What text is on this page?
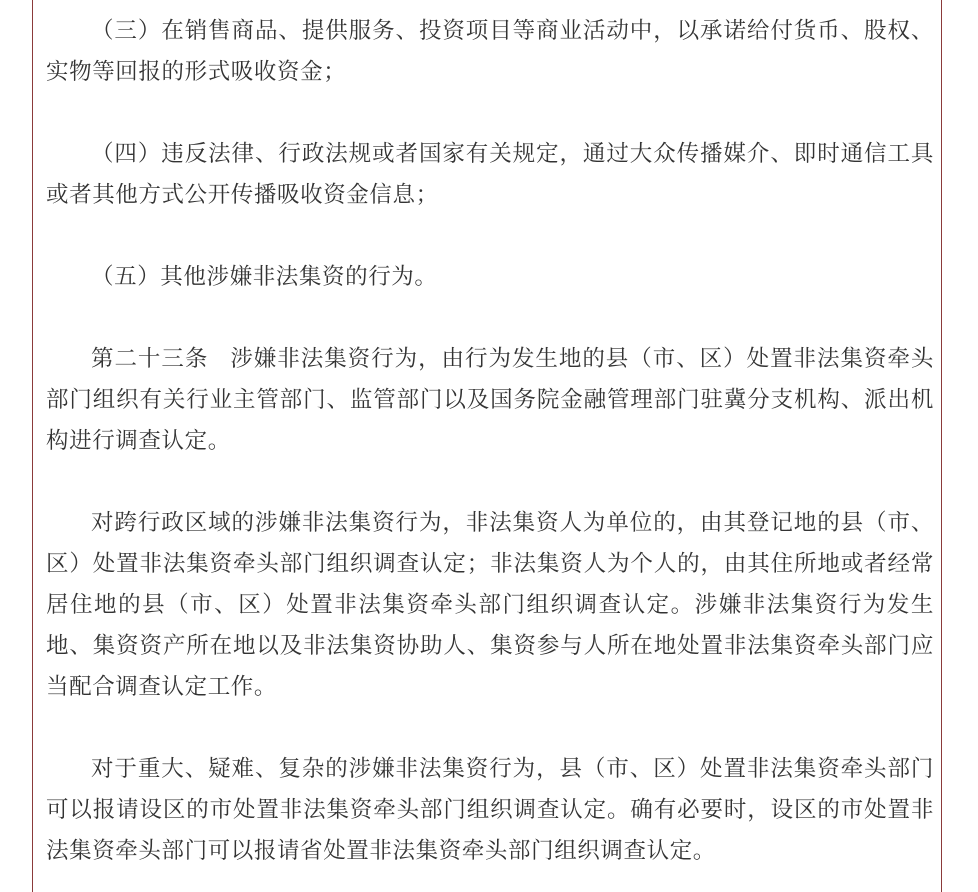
（三）在销售商品、提供服务、投资项目等商业活动中，以承诺给付货币、股权、实物等回报的形式吸收资金；

（四）违反法律、行政法规或者国家有关规定，通过大众传播媒介、即时通信工具或者其他方式公开传播吸收资金信息；

（五）其他涉嫌非法集资的行为。

第二十三条 涉嫌非法集资行为，由行为发生地的县（市、区）处置非法集资牵头部门组织有关行业主管部门、监管部门以及国务院金融管理部门驻冀分支机构、派出机构进行调查认定。

对跨行政区域的涉嫌非法集资行为，非法集资人为单位的，由其登记地的县（市、区）处置非法集资牵头部门组织调查认定；非法集资人为个人的，由其住所地或者经常居住地的县（市、区）处置非法集资牵头部门组织调查认定。涉嫌非法集资行为发生地、集资资产所在地以及非法集资协助人、集资参与人所在地处置非法集资牵头部门应当配合调查认定工作。

对于重大、疑难、复杂的涉嫌非法集资行为，县（市、区）处置非法集资牵头部门可以报请设区的市处置非法集资牵头部门组织调查认定。确有必要时，设区的市处置非法集资牵头部门可以报请省处置非法集资牵头部门组织调查认定。
